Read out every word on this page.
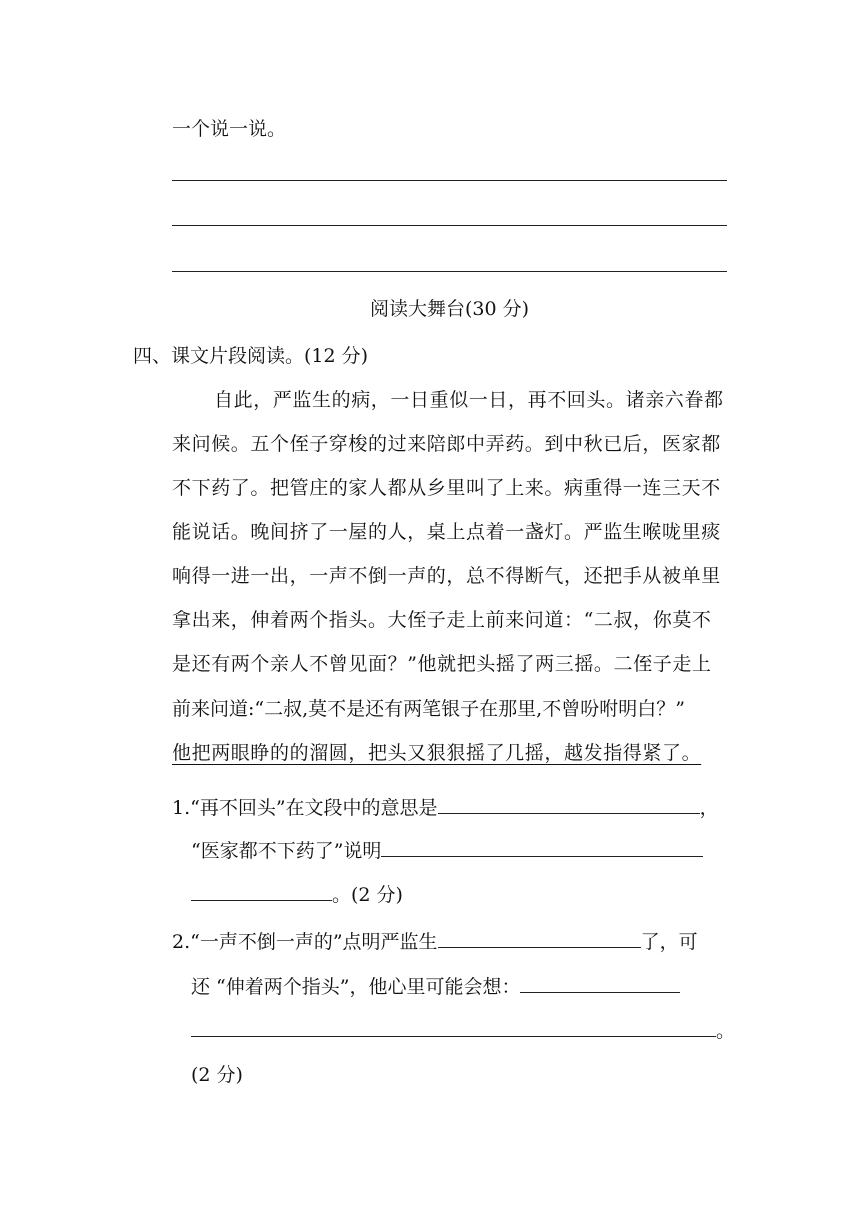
一个说一说。
阅读大舞台(30 分)
四、课文片段阅读。(12 分)
自此，严监生的病，一日重似一日，再不回头。诸亲六眷都
来问候。五个侄子穿梭的过来陪郎中弄药。到中秋已后，医家都
不下药了。把管庄的家人都从乡里叫了上来。病重得一连三天不
能说话。晚间挤了一屋的人，桌上点着一盏灯。严监生喉咙里痰
响得一进一出，一声不倒一声的，总不得断气，还把手从被单里
拿出来，伸着两个指头。大侄子走上前来问道：“二叔，你莫不
是还有两个亲人不曾见面？”他就把头摇了两三摇。二侄子走上
前来问道:“二叔,莫不是还有两笔银子在那里,不曾吩咐明白？”
他把两眼睁的的溜圆，把头又狠狠摇了几摇，越发指得紧了。
1.“再不回头”在文段中的意思是	，
“医家都不下药了”说明
。(2 分)
2.“一声不倒一声的”点明严监生	了，可
还 “伸着两个指头”，他心里可能会想：
。
(2 分)
